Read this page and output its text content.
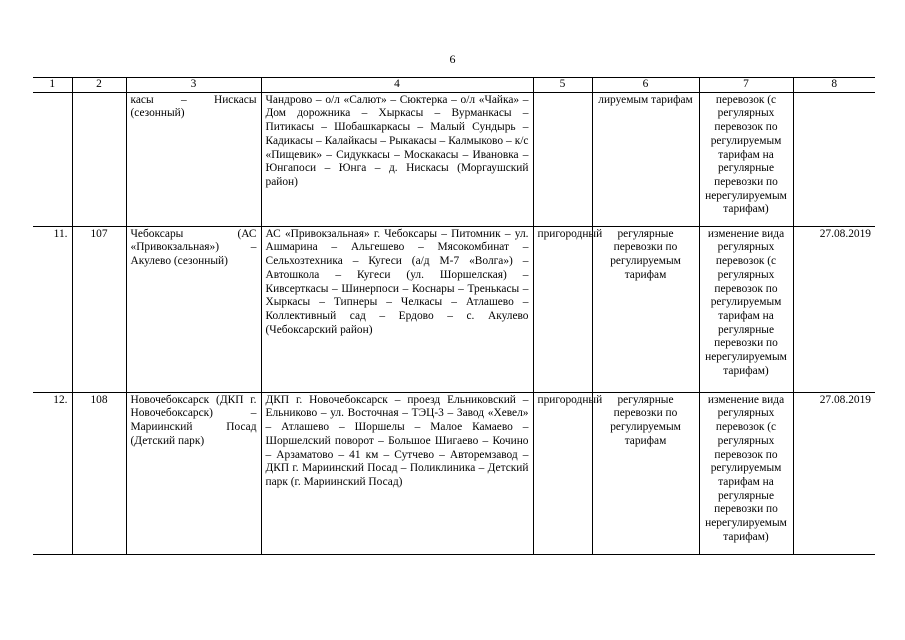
6
1	2	3	4	5	6	7	8
		касы – Нискасы (сезонный)	Чандрово – о/л «Салют» – Сюктерка – о/л «Чайка» – Дом дорожника – Хыркасы – Вурманкасы – Питикасы – Шобашкаркасы – Малый Сундырь – Кадикасы – Калайкасы – Рыкакасы – Калмыково – к/с «Пищевик» – Сидуккасы – Москакасы – Ивановка – Юнгапоси – Юнга – д. Нискасы (Моргаушский район)		лируемым тарифам	перевозок (с регулярных перевозок по регулируемым тарифам на регулярные перевозки по нерегулируемым тарифам)	
11.	107	Чебоксары (АС «Привокзальная») – Акулево (сезонный)	АС «Привокзальная» г. Чебоксары – Питомник – ул. Ашмарина – Альгешево – Мясокомбинат – Сельхозтехника – Кугеси (а/д М-7 «Волга») – Автошкола – Кугеси (ул. Шоршелская) – Кивсерткасы – Шинерпоси – Коснары – Тренькасы – Хыркасы – Типнеры – Челкасы – Атлашево – Коллективный сад – Ердово – с. Акулево (Чебоксарский район)	пригородный	регулярные перевозки по регулируемым тарифам	изменение вида регулярных перевозок (с регулярных перевозок по регулируемым тарифам на регулярные перевозки по нерегулируемым тарифам)	27.08.2019
12.	108	Новочебоксарск (ДКП г. Новочебоксарск) – Мариинский Посад (Детский парк)	ДКП г. Новочебоксарск – проезд Ельниковский – Ельниково – ул. Восточная – ТЭЦ-3 – Завод «Хевел» – Атлашево – Шоршелы – Малое Камаево – Шоршелский поворот – Большое Шигаево – Кочино – Арзаматово – 41 км – Сутчево – Авторемзавод – ДКП г. Мариинский Посад – Поликлиника – Детский парк (г. Мариинский Посад)	пригородный	регулярные перевозки по регулируемым тарифам	изменение вида регулярных перевозок (с регулярных перевозок по регулируемым тарифам на регулярные перевозки по нерегулируемым тарифам)	27.08.2019
